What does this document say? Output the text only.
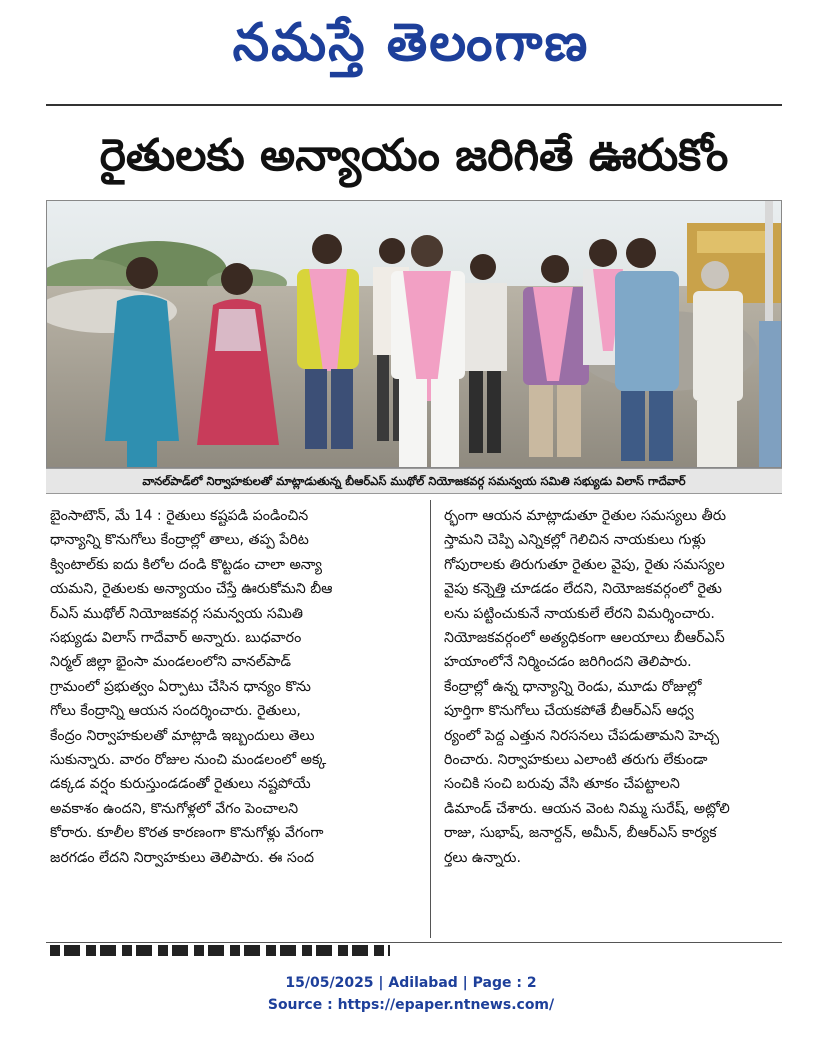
నమస్తే తెలంగాణ
రైతులకు అన్యాయం జరిగితే ఊరుకోం
వానల్‌పాడ్‌లో నిర్వాహకులతో మాట్లాడుతున్న బీఆర్‌ఎస్ ముథోల్ నియోజకవర్గ సమన్వయ సమితి సభ్యుడు విలాస్ గాదేవార్

బైంసాటౌన్, మే 14 : రైతులు కష్టపడి పండించిన

ధాన్యాన్ని కొనుగోలు కేంద్రాల్లో తాలు, తప్ప పేరిట

క్వింటాల్‌కు ఐదు కిలోల దండి కొట్టడం చాలా అన్యా

యమని, రైతులకు అన్యాయం చేస్తే ఊరుకోమని బీఆ

ర్‌ఎస్ ముథోల్ నియోజకవర్గ సమన్వయ సమితి

సభ్యుడు విలాస్ గాదేవార్ అన్నారు. బుధవారం

నిర్మల్ జిల్లా భైంసా మండలంలోని వానల్‌పాడ్

గ్రామంలో ప్రభుత్వం ఏర్పాటు చేసిన ధాన్యం కొను

గోలు కేంద్రాన్ని ఆయన సందర్శించారు. రైతులు,

కేంద్రం నిర్వాహకులతో మాట్లాడి ఇబ్బందులు తెలు

సుకున్నారు. వారం రోజుల నుంచి మండలంలో అక్క

డక్కడ వర్షం కురుస్తుండడంతో రైతులు నష్టపోయే

అవకాశం ఉందని, కొనుగోళ్లలో వేగం పెంచాలని

కోరారు. కూలీల కొరత కారణంగా కొనుగోళ్లు వేగంగా

జరగడం లేదని నిర్వాహకులు తెలిపారు. ఈ సంద

ర్భంగా ఆయన మాట్లాడుతూ రైతుల సమస్యలు తీరు

స్తామని చెప్పి ఎన్నికల్లో గెలిచిన నాయకులు గుళ్లు

గోపురాలకు తిరుగుతూ రైతుల వైపు, రైతు సమస్యల

వైపు కన్నెత్తి చూడడం లేదని, నియోజకవర్గంలో రైతు

లను పట్టించుకునే నాయకులే లేరని విమర్శించారు.

నియోజకవర్గంలో అత్యధికంగా ఆలయాలు బీఆర్‌ఎస్

హయాంలోనే నిర్మించడం జరిగిందని తెలిపారు.

కేంద్రాల్లో ఉన్న ధాన్యాన్ని రెండు, మూడు రోజుల్లో

పూర్తిగా కొనుగోలు చేయకపోతే బీఆర్‌ఎస్ ఆధ్వ

ర్యంలో పెద్ద ఎత్తున నిరసనలు చేపడుతామని హెచ్చ

రించారు. నిర్వాహకులు ఎలాంటి తరుగు లేకుండా

సంచికి సంచి బరువు వేసి తూకం చేపట్టాలని

డిమాండ్ చేశారు. ఆయన వెంట నిమ్మ సురేష్, అట్లోలి

రాజు, సుభాష్, జనార్దన్, అమీన్, బీఆర్‌ఎస్ కార్యక

ర్తలు ఉన్నారు.

15/05/2025 | Adilabad | Page : 2
Source : https://epaper.ntnews.com/
